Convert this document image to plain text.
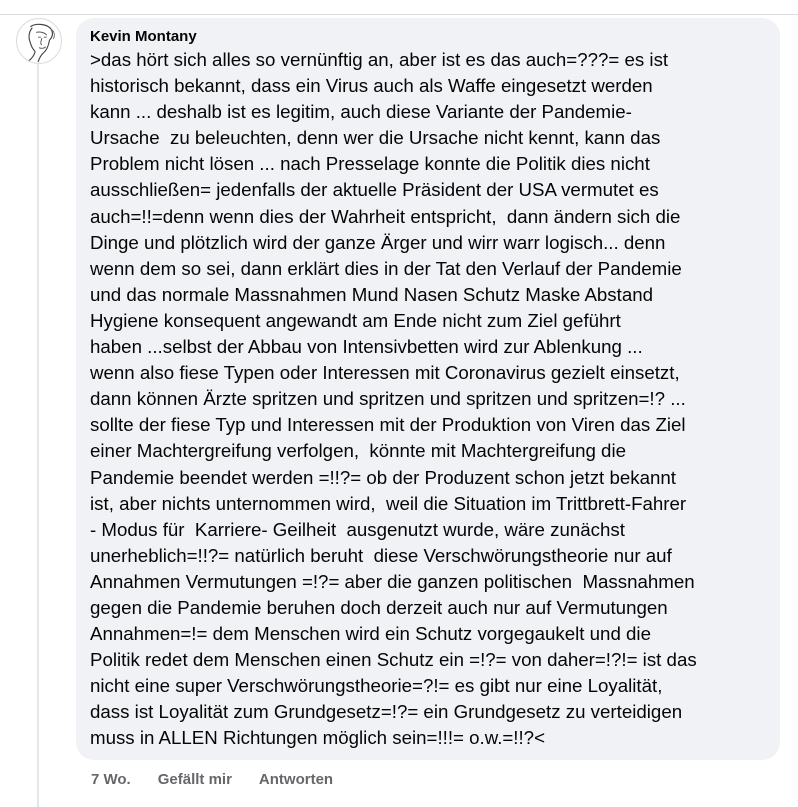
Kevin Montany
>das hört sich alles so vernünftig an, aber ist es das auch=???= es ist
historisch bekannt, dass ein Virus auch als Waffe eingesetzt werden
kann ... deshalb ist es legitim, auch diese Variante der Pandemie-
Ursache  zu beleuchten, denn wer die Ursache nicht kennt, kann das
Problem nicht lösen ... nach Presselage konnte die Politik dies nicht
ausschließen= jedenfalls der aktuelle Präsident der USA vermutet es
auch=!!=denn wenn dies der Wahrheit entspricht,  dann ändern sich die
Dinge und plötzlich wird der ganze Ärger und wirr warr logisch... denn
wenn dem so sei, dann erklärt dies in der Tat den Verlauf der Pandemie
und das normale Massnahmen Mund Nasen Schutz Maske Abstand
Hygiene konsequent angewandt am Ende nicht zum Ziel geführt
haben ...selbst der Abbau von Intensivbetten wird zur Ablenkung ...
wenn also fiese Typen oder Interessen mit Coronavirus gezielt einsetzt,
dann können Ärzte spritzen und spritzen und spritzen und spritzen=!? ...
sollte der fiese Typ und Interessen mit der Produktion von Viren das Ziel
einer Machtergreifung verfolgen,  könnte mit Machtergreifung die
Pandemie beendet werden =!!?= ob der Produzent schon jetzt bekannt
ist, aber nichts unternommen wird,  weil die Situation im Trittbrett-Fahrer
- Modus für  Karriere- Geilheit  ausgenutzt wurde, wäre zunächst
unerheblich=!!?= natürlich beruht  diese Verschwörungstheorie nur auf
Annahmen Vermutungen =!?= aber die ganzen politischen  Massnahmen
gegen die Pandemie beruhen doch derzeit auch nur auf Vermutungen
Annahmen=!= dem Menschen wird ein Schutz vorgegaukelt und die
Politik redet dem Menschen einen Schutz ein =!?= von daher=!?!= ist das
nicht eine super Verschwörungstheorie=?!= es gibt nur eine Loyalität,
dass ist Loyalität zum Grundgesetz=!?= ein Grundgesetz zu verteidigen
muss in ALLEN Richtungen möglich sein=!!!= o.w.=!!?<
7 Wo. Gefällt mir Antworten
